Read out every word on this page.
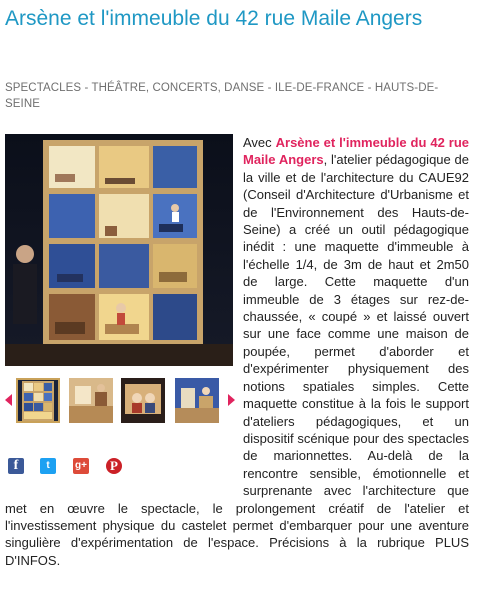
Arsène et l'immeuble du 42 rue Maile Angers
SPECTACLES - THÉÂTRE, CONCERTS, DANSE - ILE-DE-FRANCE - HAUTS-DE-SEINE

Avec Arsène et l'immeuble du 42 rue Maile Angers, l'atelier pédagogique de la ville et de l'architecture du CAUE92 (Conseil d'Architecture d'Urbanisme et de l'Environnement des Hauts-de-Seine) a créé un outil pédagogique inédit : une maquette d'immeuble à l'échelle 1/4, de 3m de haut et 2m50 de large. Cette maquette d'un immeuble de 3 étages sur rez-de-chaussée, « coupé » et laissé ouvert sur une face comme une maison de poupée, permet d'aborder et d'expérimenter physiquement des notions spatiales simples. Cette maquette constitue à la fois le support d'ateliers pédagogiques, et un dispositif scénique pour des spectacles de marionnettes. Au-delà de la rencontre sensible, émotionnelle et surprenante avec l'architecture que met en œuvre le spectacle, le prolongement créatif de l'atelier et l'investissement physique du castelet permet d'embarquer pour une aventure singulière d'expérimentation de l'espace. Précisions à la rubrique PLUS D'INFOS.

f	t	g+	P
